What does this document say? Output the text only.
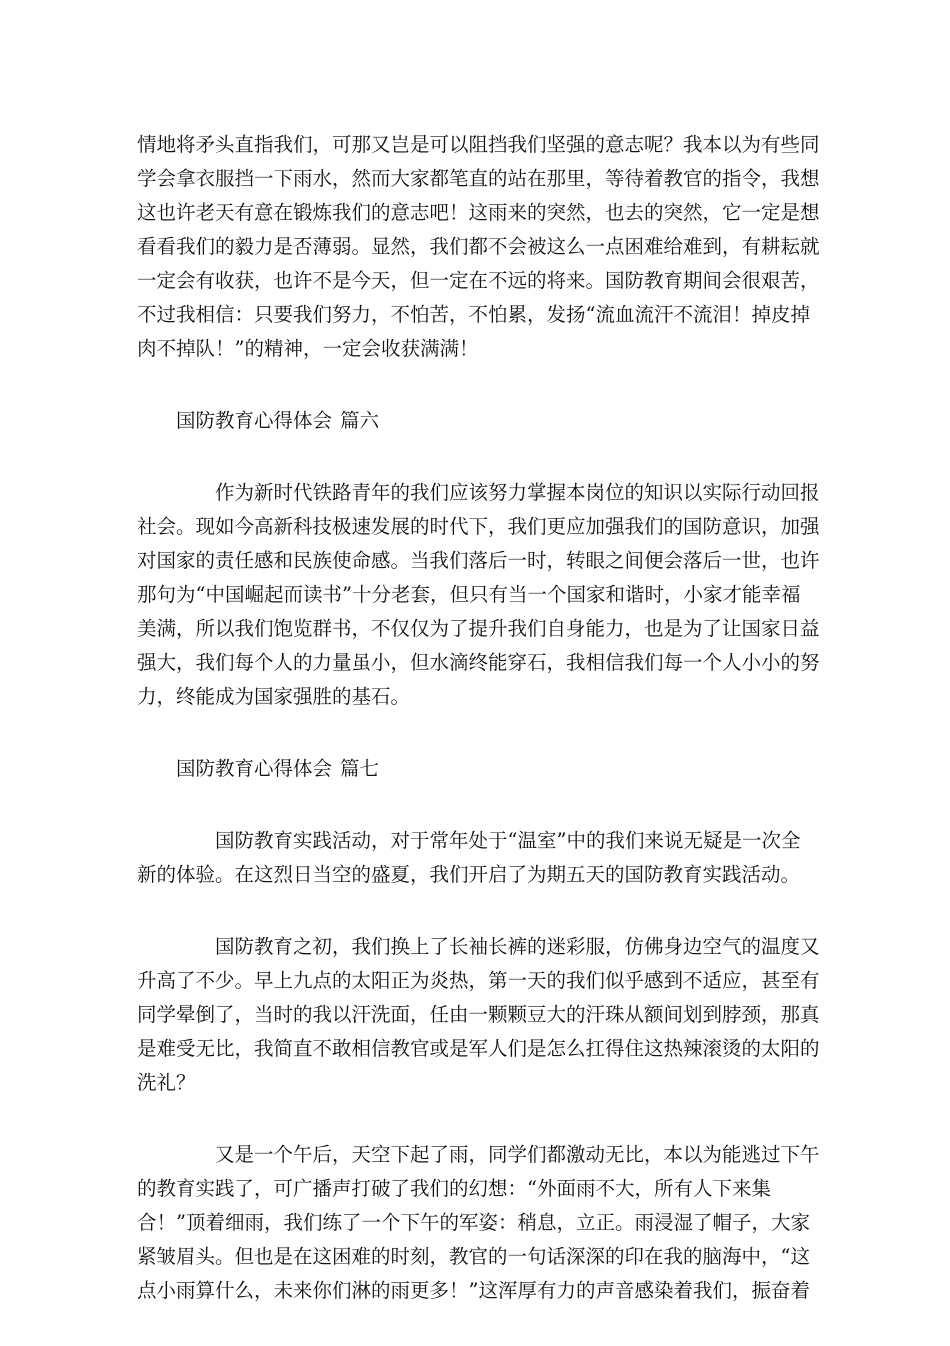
情地将矛头直指我们，可那又岂是可以阻挡我们坚强的意志呢？我本以为有些同
学会拿衣服挡一下雨水，然而大家都笔直的站在那里，等待着教官的指令，我想
这也许老天有意在锻炼我们的意志吧！这雨来的突然，也去的突然，它一定是想
看看我们的毅力是否薄弱。显然，我们都不会被这么一点困难给难到，有耕耘就
一定会有收获，也许不是今天，但一定在不远的将来。国防教育期间会很艰苦，
不过我相信：只要我们努力，不怕苦，不怕累，发扬“流血流汗不流泪！掉皮掉
肉不掉队！”的精神，一定会收获满满！
国防教育心得体会 篇六
作为新时代铁路青年的我们应该努力掌握本岗位的知识以实际行动回报
社会。现如今高新科技极速发展的时代下，我们更应加强我们的国防意识，加强
对国家的责任感和民族使命感。当我们落后一时，转眼之间便会落后一世，也许
那句为“中国崛起而读书”十分老套，但只有当一个国家和谐时，小家才能幸福
美满，所以我们饱览群书，不仅仅为了提升我们自身能力，也是为了让国家日益
强大，我们每个人的力量虽小，但水滴终能穿石，我相信我们每一个人小小的努
力，终能成为国家强胜的基石。
国防教育心得体会 篇七
国防教育实践活动，对于常年处于“温室”中的我们来说无疑是一次全
新的体验。在这烈日当空的盛夏，我们开启了为期五天的国防教育实践活动。
国防教育之初，我们换上了长袖长裤的迷彩服，仿佛身边空气的温度又
升高了不少。早上九点的太阳正为炎热，第一天的我们似乎感到不适应，甚至有
同学晕倒了，当时的我以汗洗面，任由一颗颗豆大的汗珠从额间划到脖颈，那真
是难受无比，我简直不敢相信教官或是军人们是怎么扛得住这热辣滚烫的太阳的
洗礼？
又是一个午后，天空下起了雨，同学们都激动无比，本以为能逃过下午
的教育实践了，可广播声打破了我们的幻想：“外面雨不大，所有人下来集
合！”顶着细雨，我们练了一个下午的军姿：稍息，立正。雨浸湿了帽子，大家
紧皱眉头。但也是在这困难的时刻，教官的一句话深深的印在我的脑海中，“这
点小雨算什么，未来你们淋的雨更多！”这浑厚有力的声音感染着我们，振奋着
